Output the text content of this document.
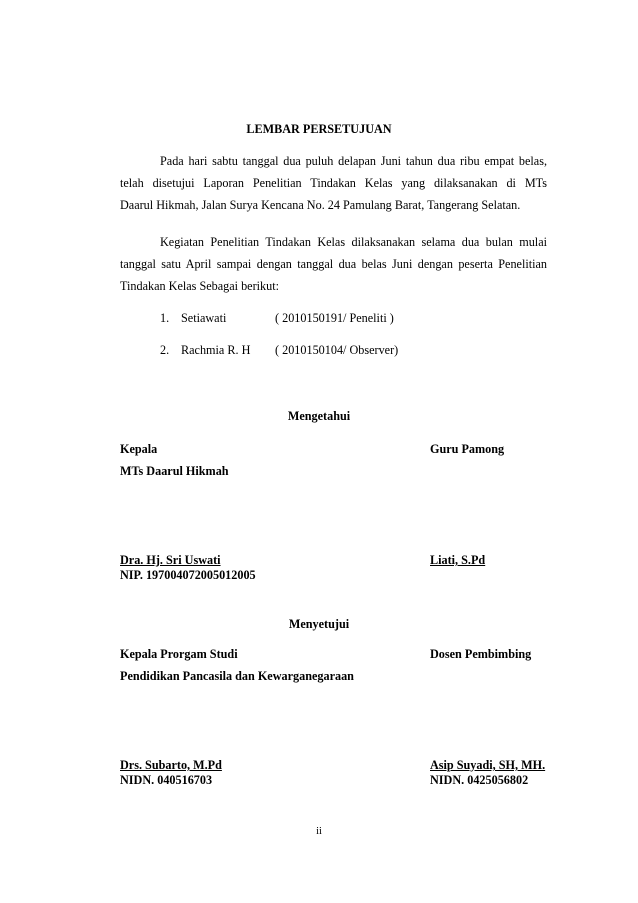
LEMBAR PERSETUJUAN
Pada hari sabtu tanggal dua puluh delapan Juni tahun dua ribu empat belas,
telah disetujui Laporan Penelitian Tindakan Kelas yang dilaksanakan di MTs
Daarul Hikmah, Jalan Surya Kencana No. 24 Pamulang Barat, Tangerang Selatan.
Kegiatan Penelitian Tindakan Kelas dilaksanakan selama dua bulan mulai
tanggal satu April sampai dengan tanggal dua belas Juni dengan peserta Penelitian
Tindakan Kelas Sebagai berikut:
1. Setiawati	( 2010150191/ Peneliti )
2. Rachmia R. H ( 2010150104/ Observer)
Mengetahui
Kepala
MTs Daarul Hikmah
Guru Pamong
Dra. Hj. Sri Uswati
NIP. 197004072005012005
Liati, S.Pd
Menyetujui
Kepala Prorgam Studi
Pendidikan Pancasila dan Kewarganegaraan
Dosen Pembimbing
Drs. Subarto, M.Pd
NIDN. 040516703
Asip Suyadi, SH, MH.
NIDN. 0425056802
ii
